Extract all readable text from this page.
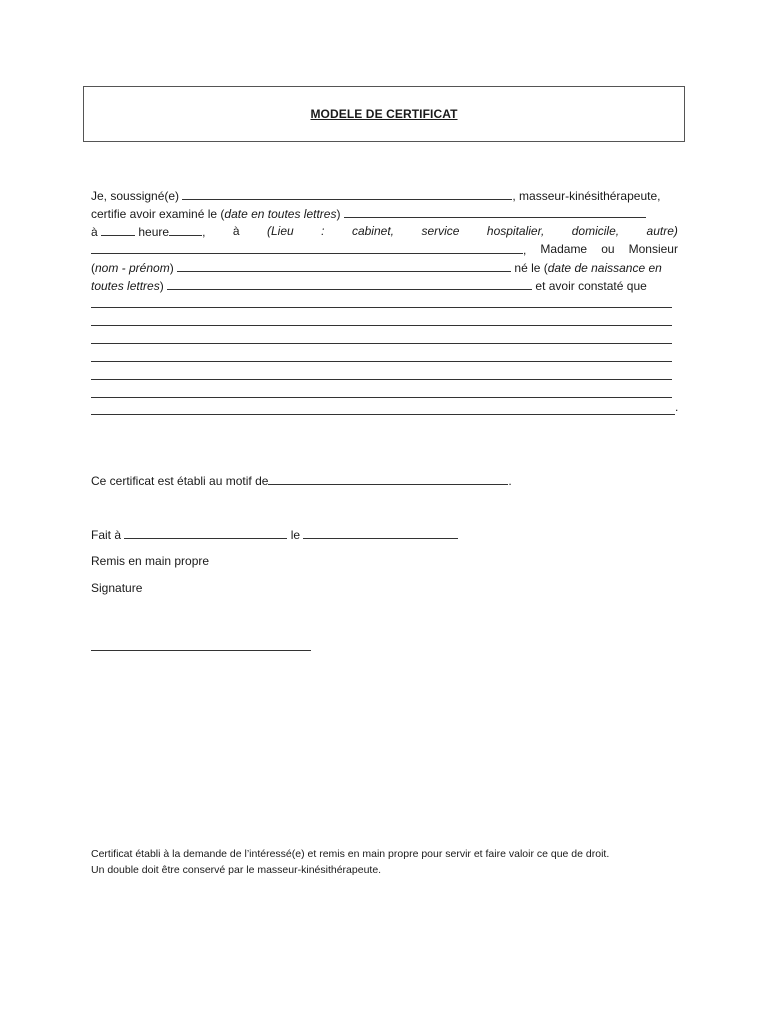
MODELE DE CERTIFICAT
Je, soussigné(e)	, masseur-kinésithérapeute,
certifie avoir examiné le (date en toutes lettres)
à	heure	, à (Lieu : cabinet, service hospitalier, domicile, autre)
, Madame ou Monsieur
(nom - prénom)	né le (date de naissance en
toutes lettres)	et avoir constaté que
.
Ce certificat est établi au motif de	.
Fait à	le
Remis en main propre
Signature
Certificat établi à la demande de l’intéressé(e) et remis en main propre pour servir et faire valoir ce que de droit.
Un double doit être conservé par le masseur-kinésithérapeute.
